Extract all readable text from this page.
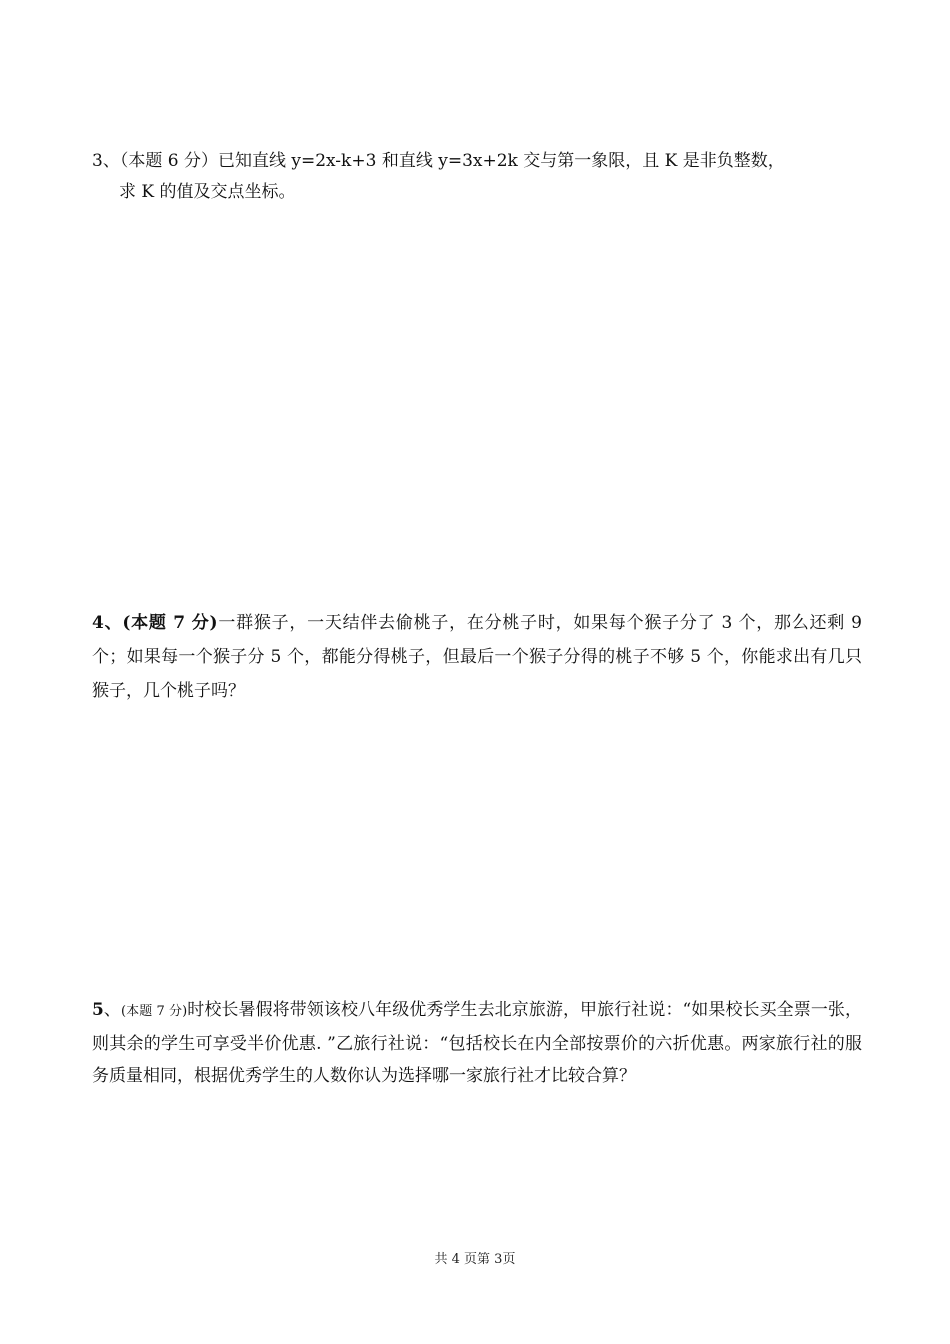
3、（本题 6 分）已知直线 y=2x-k+3 和直线 y=3x+2k 交与第一象限，且 K 是非负整数，
求 K 的值及交点坐标。
4、(本题 7 分)一群猴子，一天结伴去偷桃子，在分桃子时，如果每个猴子分了 3 个，那么还剩 9 个；如果每一个猴子分 5 个，都能分得桃子，但最后一个猴子分得的桃子不够 5 个，你能求出有几只猴子，几个桃子吗？
5、(本题 7 分)时校长暑假将带领该校八年级优秀学生去北京旅游，甲旅行社说：“如果校长买全票一张，则其余的学生可享受半价优惠. ”乙旅行社说：“包括校长在内全部按票价的六折优惠。两家旅行社的服务质量相同，根据优秀学生的人数你认为选择哪一家旅行社才比较合算？
共 4 页第 3页
